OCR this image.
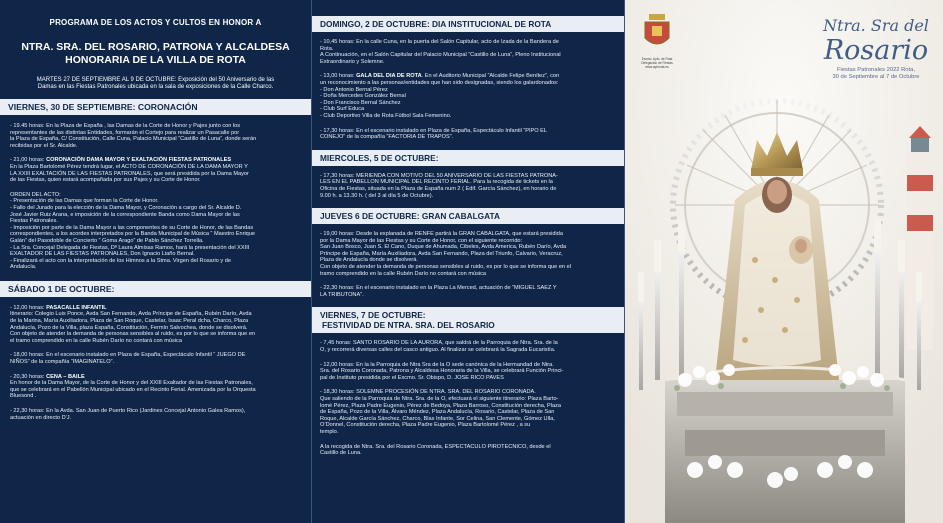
PROGRAMA DE LOS ACTOS Y CULTOS EN HONOR A
NTRA. SRA. DEL ROSARIO, PATRONA Y ALCALDESA
HONORARIA DE LA VILLA DE ROTA
MARTES 27 DE SEPTIEMBRE AL 9 DE OCTUBRE: Exposición del 50 Aniversario de las
Damas en las Fiestas Patronales ubicada en la sala de exposiciones de la Calle Charco.
VIERNES, 30 DE SEPTIEMBRE: CORONACIÓN

- 19.45 horas: En la Plaza de España , las Damas de la Corte de Honor y Pajes junto con los
representantes de las distintas Entidades, formarán el Cortejo para realizar un Pasacalle por
la Plaza de España, C/ Constitución, Calle Cuna, Palacio Municipal “Castillo de Luna”, donde serán
recibidas por el Sr. Alcalde.

- 21,00 horas: CORONACIÓN DAMA MAYOR Y EXALTACIÓN FIESTAS PATRONALES
En la Plaza Bartolomé Pérez tendrá lugar, el ACTO DE CORONACIÓN DE LA DAMA MAYOR Y
LA XXIII EXALTACIÓN DE LAS FIESTAS PATRONALES, que será presidida por la Dama Mayor
de las Fiestas, quien estará acompañada por sus Pajes y su Corte de Honor.

ORDEN DEL ACTO:
- Presentación de las Damas que forman la Corte de Honor.
- Fallo del Jurado para la elección de la Dama Mayor, y Coronación a cargo del Sr. Alcalde D.
José Javier Ruiz Arana, e imposición de la correspondiente Banda como Dama Mayor de las
Fiestas Patronales.
- Imposición por parte de la Dama Mayor a las componentes de su Corte de Honor, de las Bandas
correspondientes, a los acordes interpretados por la Banda Municipal de Música “ Maestro Enrique
Galán” del Pasodoble de Concierto “ Goma Arago” de Pablo Sánchez Torrella.
- La Sra. Concejal Delegada de Fiestas, Dª Laura Almisas Ramos, hará la presentación del XXIII
EXALTADOR DE LAS FIESTAS PATRONALES, Don Ignacio Liaño Bernal.
- Finalizará el acto con la interpretación de los Himnos a la Stma. Virgen del Rosario y de
Andalucía.

SÁBADO 1 DE OCTUBRE:

- 12,00 horas: PASACALLE INFANTIL
Itinerario: Colegio Luis Ponce, Avda San Fernando, Avda Príncipe de España, Rubén Darío, Avda
de la Marina, María Auxiliadora, Plaza de San Roque, Castelar, Isaac Peral dcha, Charco, Plaza
Andalucía, Pozo de la Villa, plaza España, Constitución, Fermín Salvochea, donde se disolverá.
Con objeto de atender la demanda de personas sensibles al ruido, es por lo que se informa que en
el tramo comprendido en la calle Rubén Darío no contará con música

- 18,00 horas: En el escenario instalado en Plaza de España, Espectáculo Infantil “ JUEGO DE
NIÑOS” de la compañía “IMAGINATELO”.

- 20,30 horas: CENA – BAILE
En honor de la Dama Mayor, de la Corte de Honor y del XXIII Exaltador de las Fiestas Patronales,
que se celebrará en el Pabellón Municipal ubicado en el Recinto Ferial. Amenizada por la Orquesta
Bluesond .

- 22,30 horas: En la Avda. San Juan de Puerto Rico (Jardines Concejal Antonio Galea Ramos),
actuación en directo D'J.

DOMINGO, 2 DE OCTUBRE: DIA INSTITUCIONAL DE ROTA

- 10,45 horas: En la calle Cuna, en la puerta del Salón Capitular, acto de Izada de la Bandera de
Rota.
A Continuación, en el Salón Capitular del Palacio Municipal “Castillo de Luna”, Pleno Institucional
Extraordinario y Solemne.

- 13,00 horas: GALA DEL DIA DE ROTA. En el Auditorio Municipal “Alcalde Felipe Benítez”, con
un reconocimiento a las personas/entidades que han sido designadas, siendo los galardonados:
- Don Antonio Bernal Pérez
- Doña Mercedes González Bernal
- Don Francisco Bernal Sánchez
- Club Surf Educa
- Club Deportivo Villa de Rota Fútbol Sala Femenino.

- 17,30 horas: En el escenario instalado en Plaza de España, Espectáculo Infantil “PIPO EL
CONEJO” de la compañía “FACTORIA DE TRAPOS”.

MIERCOLES, 5 DE OCTUBRE:

- 17,30 horas: MERIENDA CON MOTIVO DEL 50 ANIVERSARIO DE LAS FIESTAS PATRONA-
LES EN EL PABELLON MUNICIPAL DEL RECINTO FERIAL. Para la recogida de tickets en la
Oficina de Fiestas, situada en la Plaza de España num 2 ( Edif. García Sánchez), en horario de
9.00 h. a 13.30 h. ( del 3 al día 5 de Octubre).

JUEVES 6 DE OCTUBRE: GRAN CABALGATA

- 19,00 horas: Desde la explanada de RENFE partirá la GRAN CABALGATA, que estará presidida
por la Dama Mayor de las Fiestas y su Corte de Honor, con el siguiente recorrido:
San Juan Bosco, Juan S. El Cano, Duque de Ahumada, Cibeles, Avda America, Rubén Darío, Avda
Príncipe de España, María Auxiliadora, Avda San Fernando, Plaza del Triunfo, Calvario, Veracruz,
Plaza de Andalucía donde se disolverá.
Con objeto de atender la demanda de personas sensibles al ruido, es por lo que se informa que en el
tramo comprendido en la calle Rubén Darío no contará con música

- 22,30 horas: En el escenario instalado en la Plaza La Merced, actuación de “MIGUEL SAEZ Y
LA TRIBUTONA”.

VIERNES, 7 DE OCTUBRE:
FESTIVIDAD DE NTRA. SRA. DEL ROSARIO

- 7,45 horas: SANTO ROSARIO DE LA AURORA, que saldrá de la Parroquia de Ntra. Sra. de la
O, y recorrerá diversas calles del casco antiguo. Al finalizar se celebrará la Sagrada Eucaristía.

- 12,00 horas: En la la Parroquia de Ntra Sra de la O sede canónica de la Hermandad de Ntra.
Sra. del Rosario Coronada, Patrona y Alcaldesa Honoraria de la Villa, se celebrará Función Princi-
pal de Instituto presidida por el Excmo. Sr. Obispo, D. JOSE RICO PAVES

- 18,30 horas: SOLEMNE PROCESIÓN DE NTRA. SRA. DEL ROSARIO CORONADA.
Que saliendo de la Parroquia de Ntra. Sra. de la O, efectuará el siguiente itinerario: Plaza Barto-
lomé Pérez, Plaza Padre Eugenio, Pérez de Bedoya, Plaza Barroso, Constitución derecha, Plaza
de España, Pozo de la Villa, Álvaro Méndez, Plaza Andalucía, Rosario, Castelar, Plaza de San
Roque, Alcalde García Sánchez, Charco, Blas Infante, Sor Celina, San Clemente, Gómez Ulla,
O’Donnel, Constitución derecha, Plaza Padre Eugenio, Plaza Bartolomé Pérez , a su
templo.

A la recogida de Ntra. Sra. del Rosario Coronada, ESPECTACULO PIROTECNICO, desde el
Castillo de Luna.

Excmo. Ayto. de Rota
Delegación de Fiestas
www.aytorota.es
Ntra. Sra del
Rosario
Fiestas Patronales 2022 Rota,
30 de Septiembre al 7 de Octubre
